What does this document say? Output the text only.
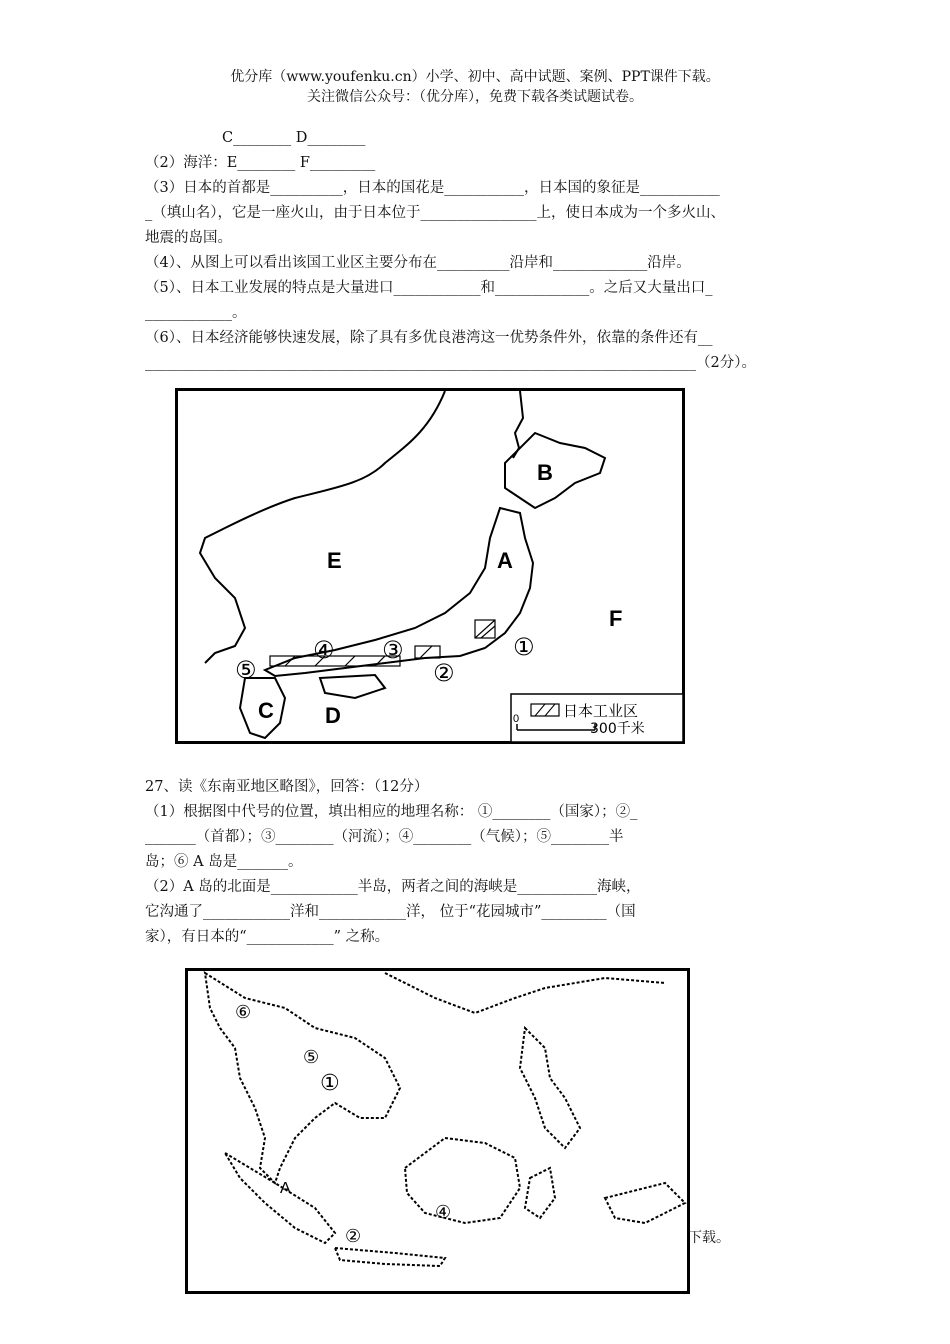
优分库（www.youfenku.cn）小学、初中、高中试题、案例、PPT课件下载。
关注微信公众号：（优分库），免费下载各类试题试卷。
C________ D________
（2）海洋：E________ F_________
（3）日本的首都是__________，日本的国花是___________，日本国的象征是___________
_（填山名），它是一座火山，由于日本位于________________上，使日本成为一个多火山、
地震的岛国。
（4）、从图上可以看出该国工业区主要分布在__________沿岸和_____________沿岸。
（5）、日本工业发展的特点是大量进口____________和_____________。之后又大量出口_
____________。
（6）、日本经济能够快速发展，除了具有多优良港湾这一优势条件外，依靠的条件还有__
____________________________________________________________________________（2分）。
A
B
C D
E
F
①
②
③
④
⑤
日本工业区
0
300千米
27、读《东南亚地区略图》，回答：（12分）
（1）根据图中代号的位置，填出相应的地理名称： ①________（国家）；②_
_______（首都）；③________（河流）；④________（气候）；⑤________半
岛；⑥ A 岛是_______。
（2）A 岛的北面是____________半岛，两者之间的海峡是___________海峡，
它沟通了____________洋和____________洋， 位于“花园城市”_________（国
家），有日本的“____________” 之称。
⑥
⑤
①
④
②
A
下载。
